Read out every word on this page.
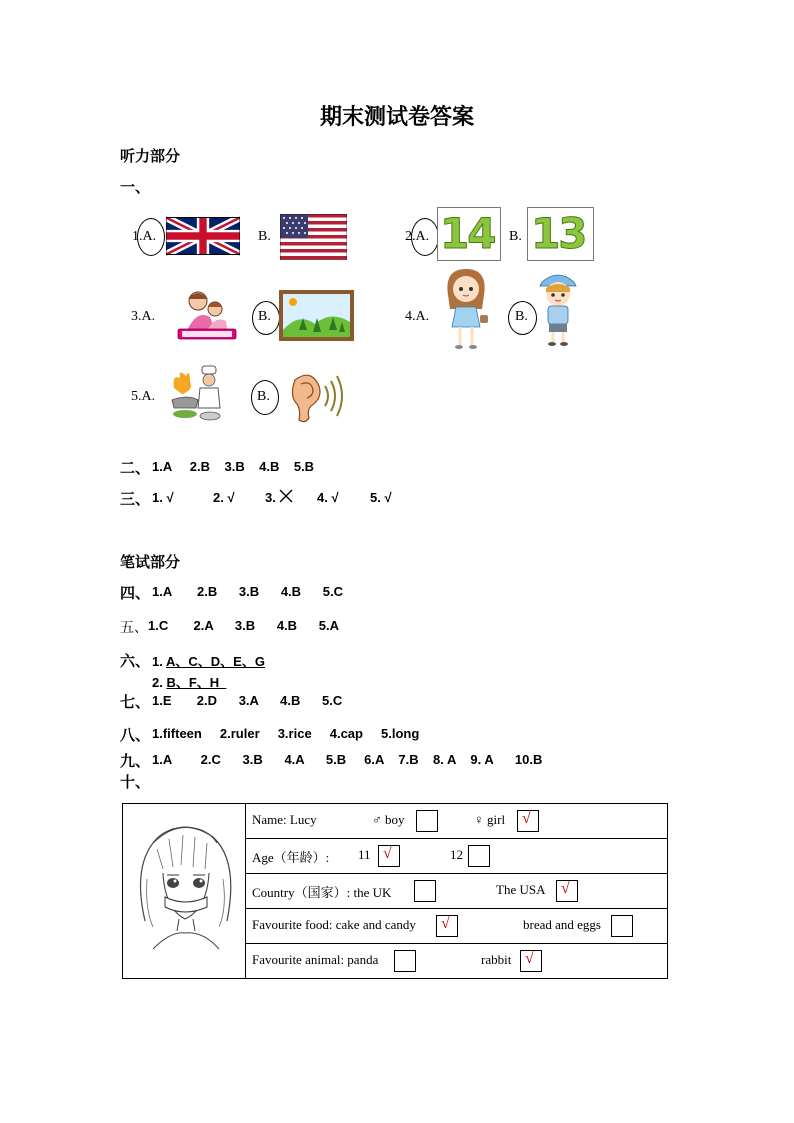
期末测试卷答案
听力部分
一、
1.A.	B.	2.A. 14 B. 13
3.A.	B.	4.A.	B.
5.A.	B.
二、 1.A     2.B    3.B    4.B    5.B
三、 1. √	2. √ 3.	4. √ 5. √
笔试部分
四、 1.A       2.B      3.B      4.B      5.C
五、 1.C       2.A      3.B      4.B      5.A
六、 1. A、C、D、E、G
2. B、F、H
七、 1.E       2.D      3.A      4.B      5.C
八、 1.fifteen     2.ruler     3.rice     4.cap     5.long
九、 1.A        2.C      3.B      4.A      5.B     6.A    7.B    8. A    9. A      10.B
十、

Name: Lucy	♂ boy	♀ girl √

Age（年龄）: 11 √	12

Country（国家）: the UK	The USA √

Favourite food: cake and candy √	bread and eggs

Favourite animal: panda	rabbit √
